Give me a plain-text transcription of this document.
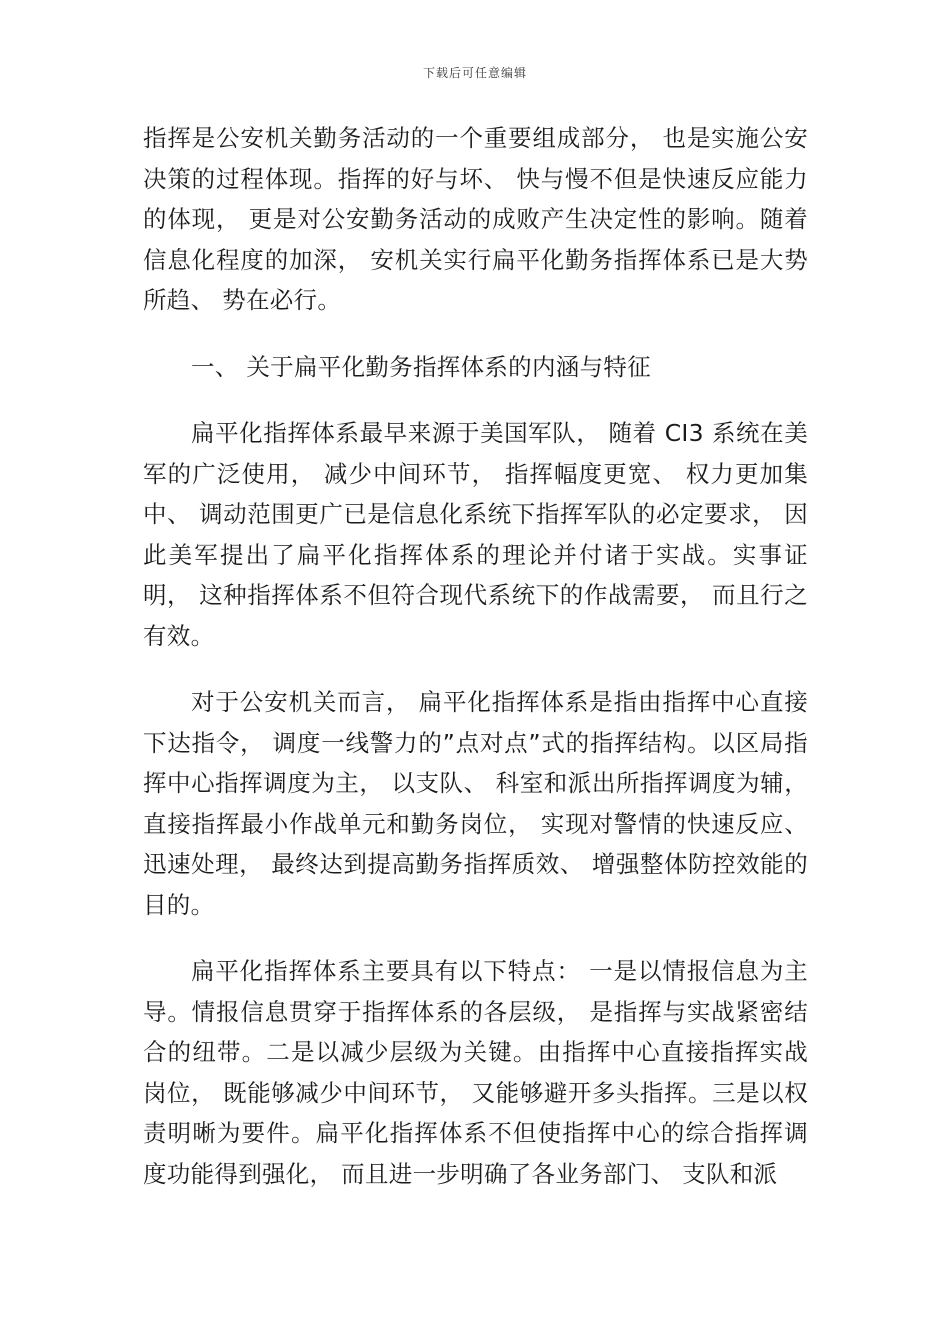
下载后可任意编辑

指挥是公安机关勤务活动的一个重要组成部分， 也是实施公安决策的过程体现。指挥的好与坏、 快与慢不但是快速反应能力的体现， 更是对公安勤务活动的成败产生决定性的影响。随着信息化程度的加深， 安机关实行扁平化勤务指挥体系已是大势所趋、 势在必行。

一、 关于扁平化勤务指挥体系的内涵与特征

扁平化指挥体系最早来源于美国军队， 随着 CI3 系统在美军的广泛使用， 减少中间环节， 指挥幅度更宽、 权力更加集中、 调动范围更广已是信息化系统下指挥军队的必定要求， 因此美军提出了扁平化指挥体系的理论并付诸于实战。实事证明， 这种指挥体系不但符合现代系统下的作战需要， 而且行之有效。

对于公安机关而言， 扁平化指挥体系是指由指挥中心直接下达指令， 调度一线警力的”点对点”式的指挥结构。以区局指挥中心指挥调度为主， 以支队、 科室和派出所指挥调度为辅， 直接指挥最小作战单元和勤务岗位， 实现对警情的快速反应、 迅速处理， 最终达到提高勤务指挥质效、 增强整体防控效能的目的。

扁平化指挥体系主要具有以下特点： 一是以情报信息为主导。情报信息贯穿于指挥体系的各层级， 是指挥与实战紧密结合的纽带。二是以减少层级为关键。由指挥中心直接指挥实战岗位， 既能够减少中间环节， 又能够避开多头指挥。三是以权责明晰为要件。扁平化指挥体系不但使指挥中心的综合指挥调度功能得到强化， 而且进一步明确了各业务部门、 支队和派
